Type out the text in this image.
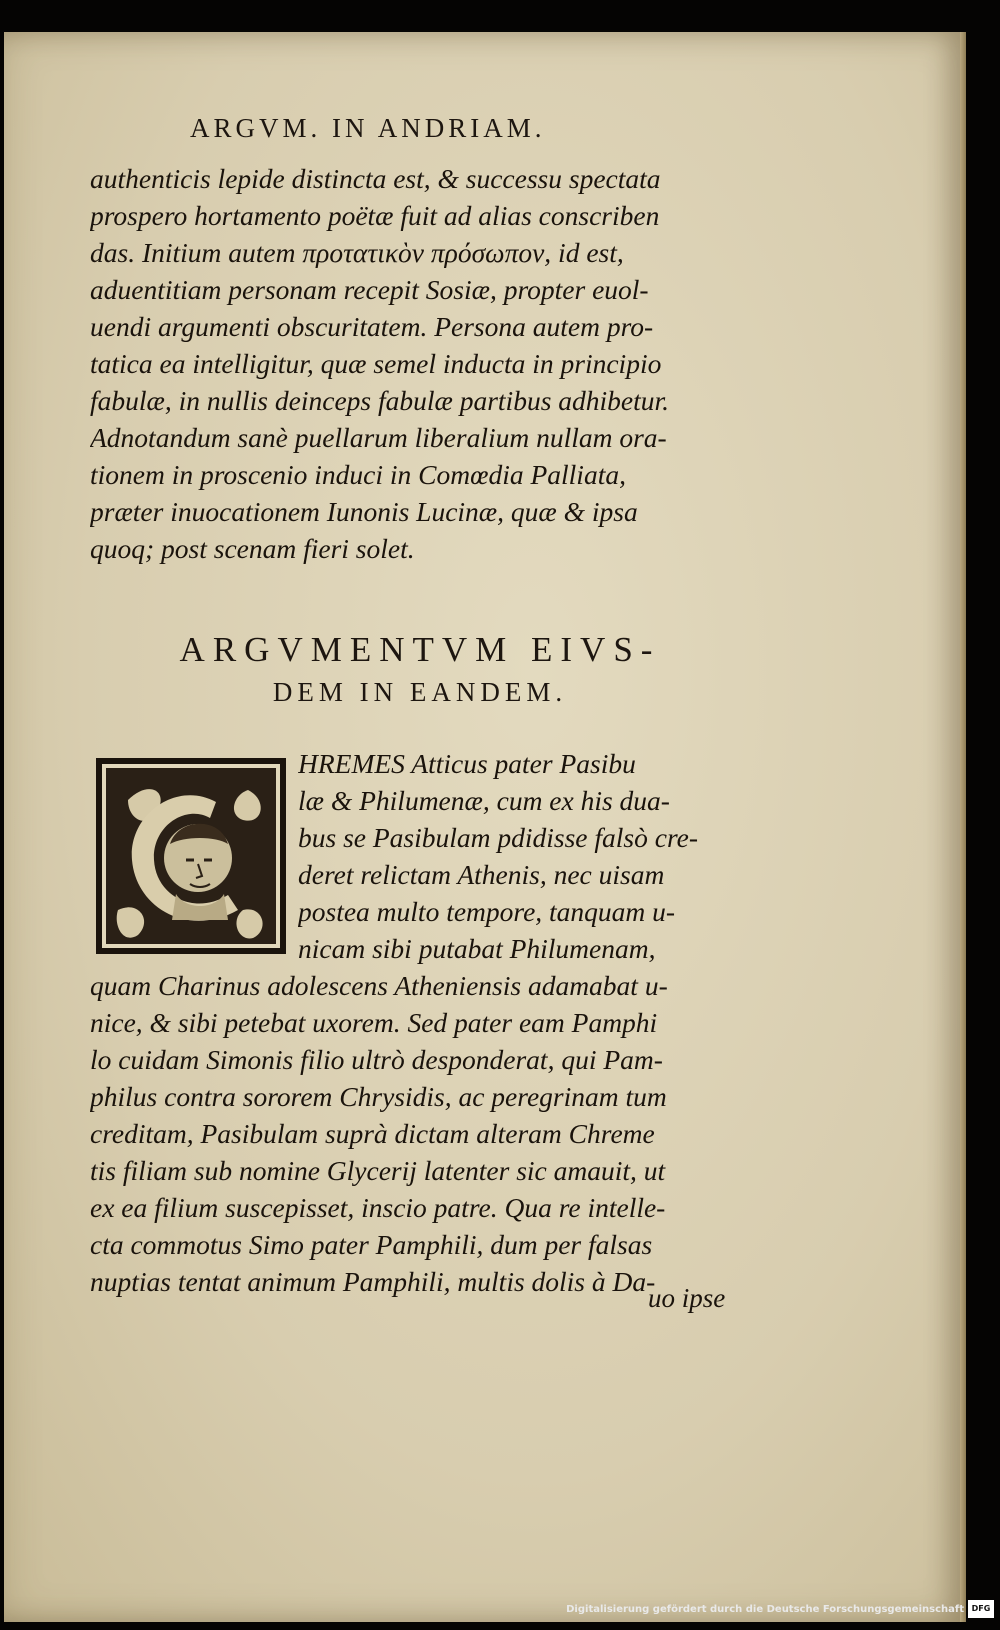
ARGVM. IN ANDRIAM.
authenticis lepide distincta est, & successu spectata
prospero hortamento poëtæ fuit ad alias conscriben
das. Initium autem προτατικὸν πρόσωπον, id est,
aduentitiam personam recepit Sosiæ, propter euol-
uendi argumenti obscuritatem. Persona autem pro-
tatica ea intelligitur, quæ semel inducta in principio
fabulæ, in nullis deinceps fabulæ partibus adhibetur.
Adnotandum sanè puellarum liberalium nullam ora-
tionem in proscenio induci in Comœdia Palliata,
præter inuocationem Iunonis Lucinæ, quæ & ipsa
quoq; post scenam fieri solet.
ARGVMENTVM EIVS-
DEM IN EANDEM.
HREMES Atticus pater Pasibu
læ & Philumenæ, cum ex his dua-
bus se Pasibulam pdidisse falsò cre-
deret relictam Athenis, nec uisam
postea multo tempore, tanquam u-
nicam sibi putabat Philumenam,
quam Charinus adolescens Atheniensis adamabat u-
nice, & sibi petebat uxorem. Sed pater eam Pamphi
lo cuidam Simonis filio ultrò desponderat, qui Pam-
philus contra sororem Chrysidis, ac peregrinam tum
creditam, Pasibulam suprà dictam alteram Chreme
tis filiam sub nomine Glycerij latenter sic amauit, ut
ex ea filium suscepisset, inscio patre. Qua re intelle-
cta commotus Simo pater Pamphili, dum per falsas
nuptias tentat animum Pamphili, multis dolis à Da-
uo ipse
Digitalisierung gefördert durch die Deutsche Forschungsgemeinschaft DFG
